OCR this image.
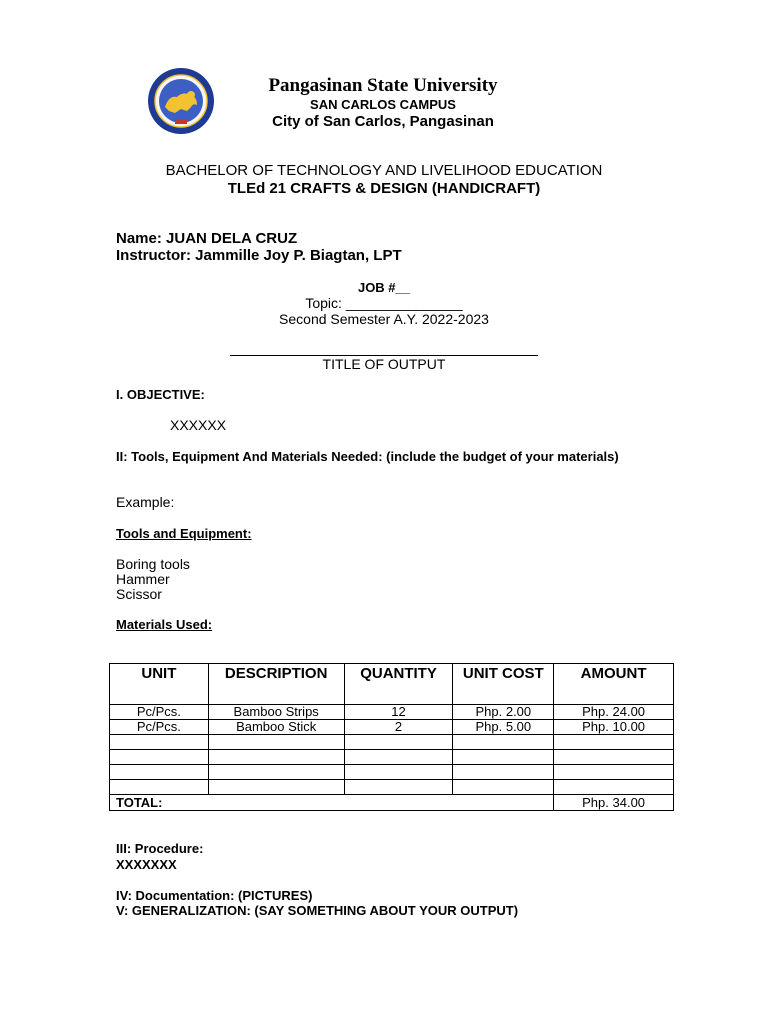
Pangasinan State University
SAN CARLOS CAMPUS
City of San Carlos, Pangasinan
BACHELOR OF TECHNOLOGY AND LIVELIHOOD EDUCATION
TLEd 21 CRAFTS & DESIGN (HANDICRAFT)
Name: JUAN DELA CRUZ
Instructor: Jammille Joy P. Biagtan, LPT
JOB #__
Topic: _______________
Second Semester A.Y. 2022-2023
TITLE OF OUTPUT
I. OBJECTIVE:
XXXXXX
II: Tools, Equipment And Materials Needed: (include the budget of your materials)
Example:
Tools and Equipment:
Boring tools
Hammer
Scissor
Materials Used:
UNIT	DESCRIPTION	QUANTITY	UNIT COST	AMOUNT
Pc/Pcs.	Bamboo Strips	12	Php. 2.00	Php. 24.00
Pc/Pcs.	Bamboo Stick	2	Php. 5.00	Php. 10.00

TOTAL:				Php. 34.00
III: Procedure:
XXXXXXX
IV: Documentation: (PICTURES)
V: GENERALIZATION: (SAY SOMETHING ABOUT YOUR OUTPUT)
